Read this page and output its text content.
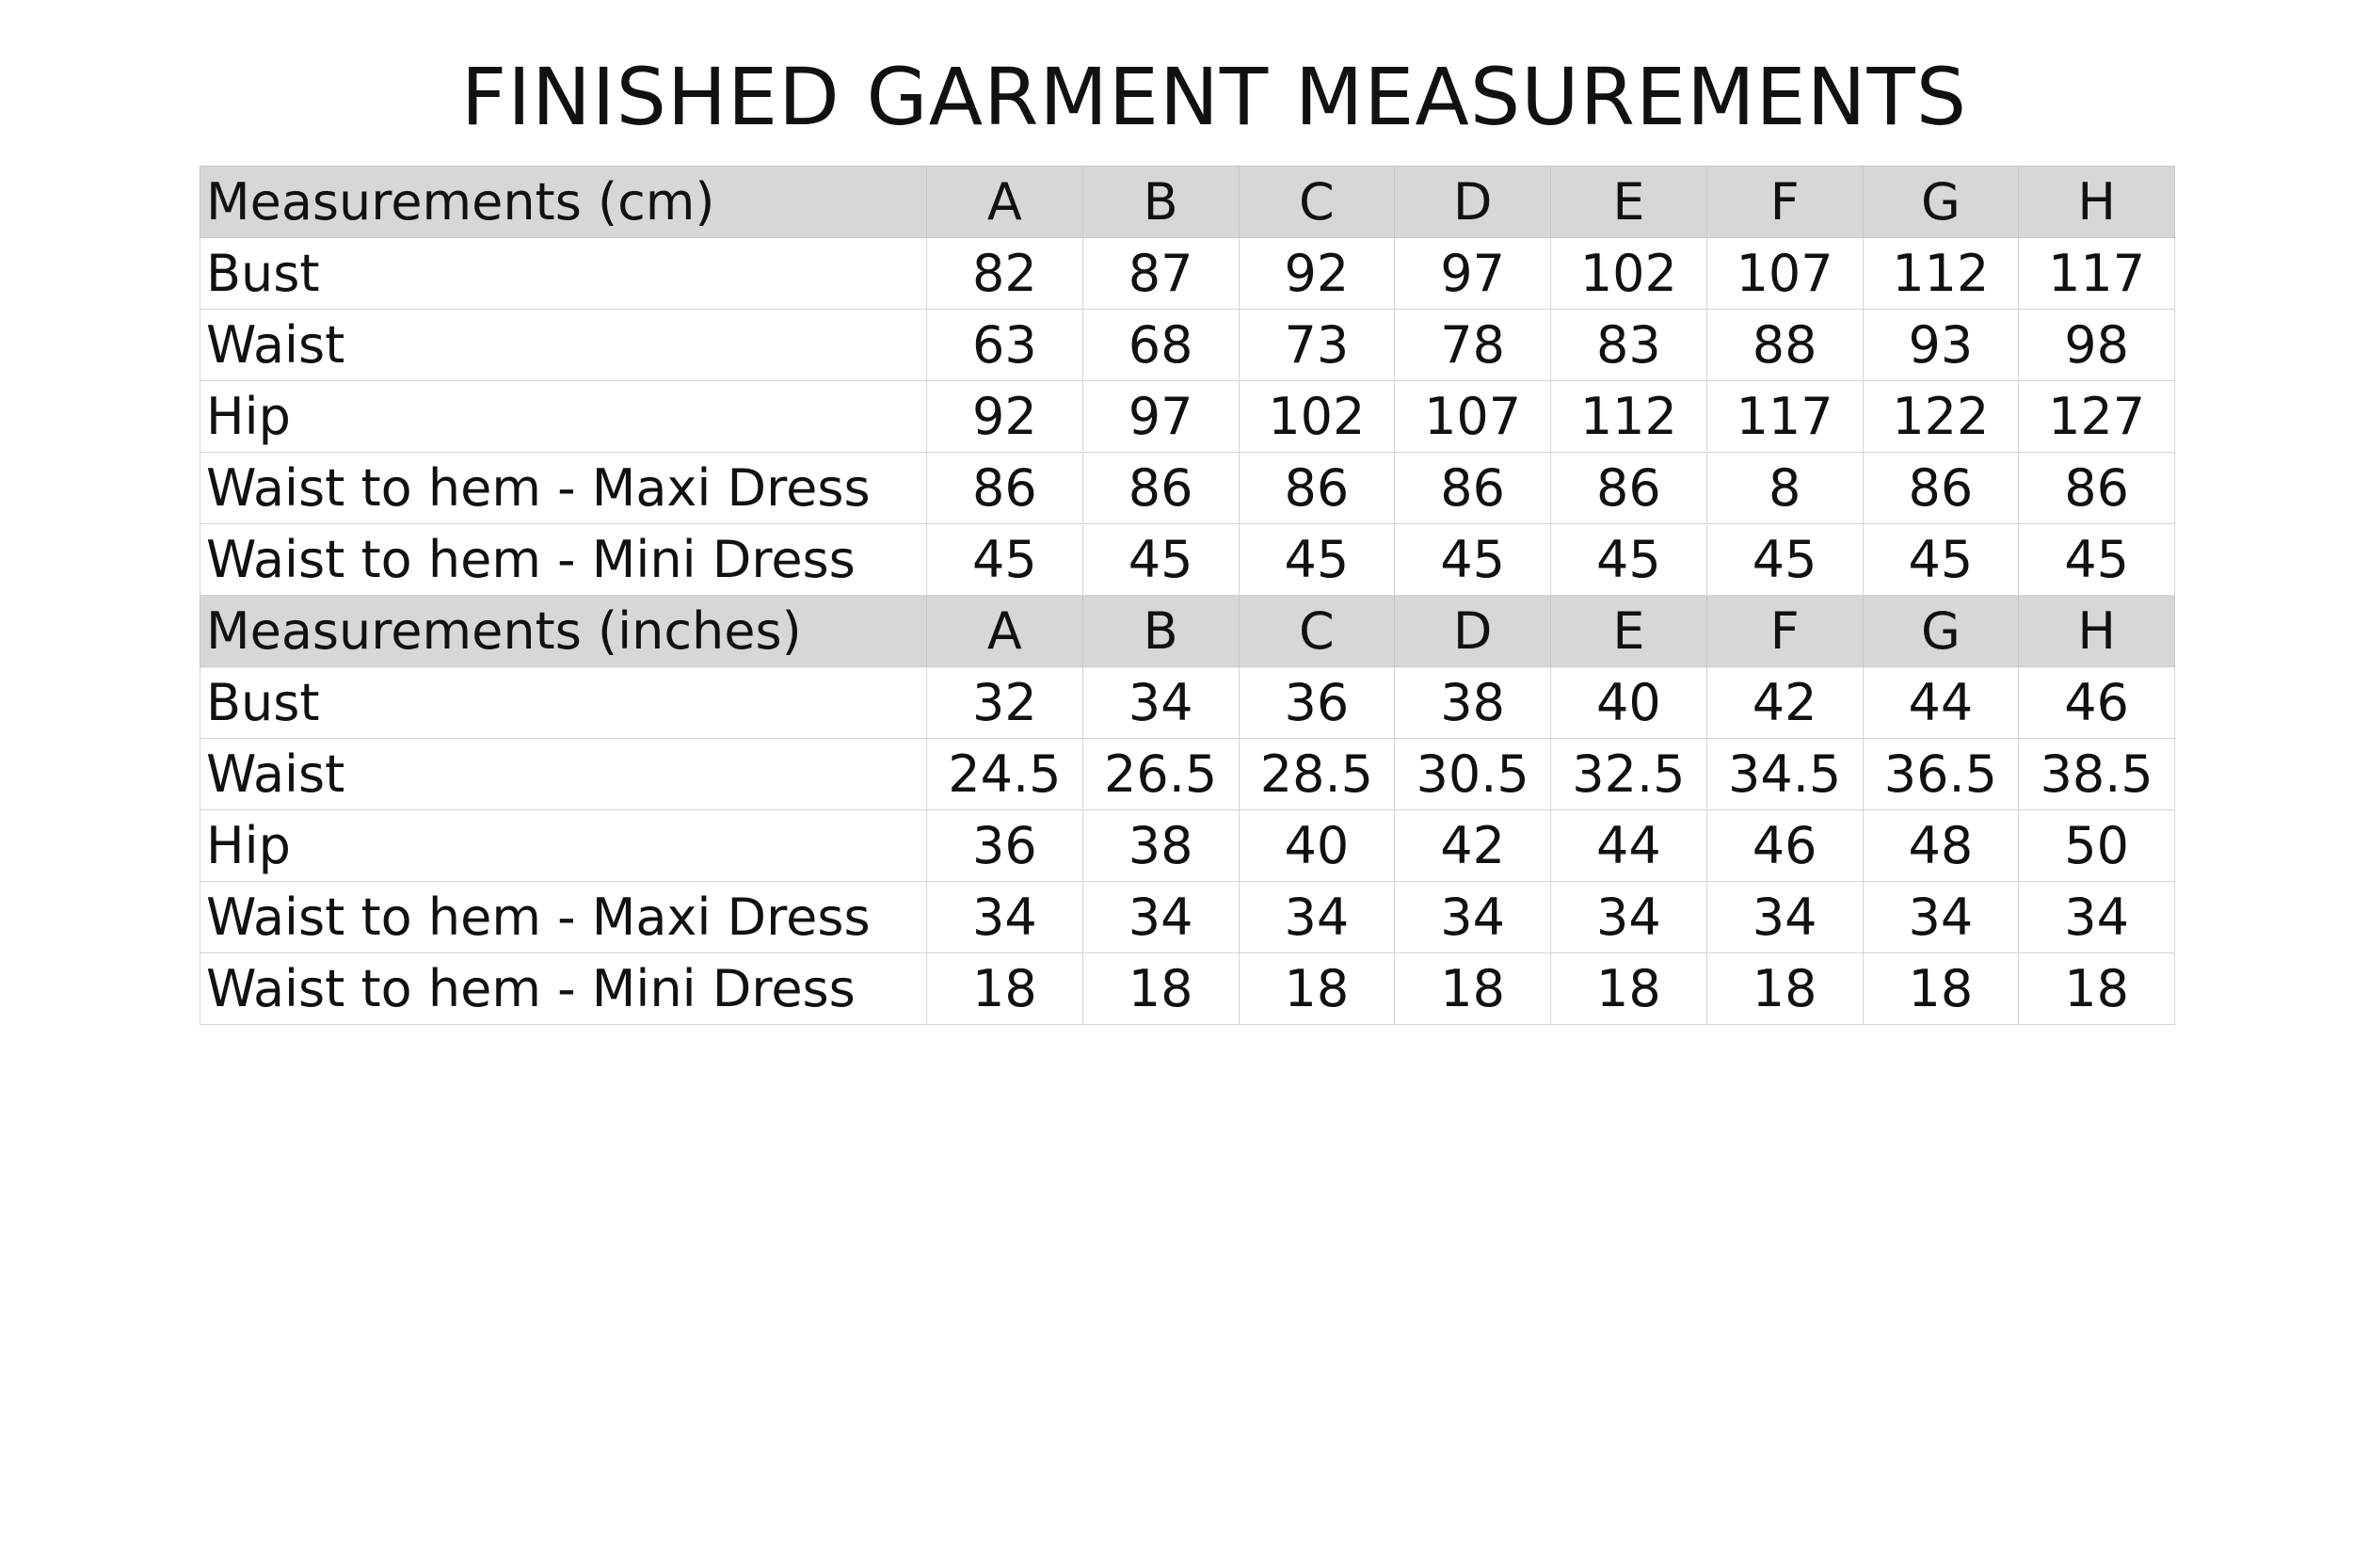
FINISHED GARMENT MEASUREMENTS
Measurements (cm)	A	B	C	D	E	F	G	H
Bust	82	87	92	97	102	107	112	117
Waist	63	68	73	78	83	88	93	98
Hip	92	97	102	107	112	117	122	127
Waist to hem - Maxi Dress	86	86	86	86	86	8	86	86
Waist to hem - Mini Dress	45	45	45	45	45	45	45	45
Measurements (inches)	A	B	C	D	E	F	G	H
Bust	32	34	36	38	40	42	44	46
Waist	24.5	26.5	28.5	30.5	32.5	34.5	36.5	38.5
Hip	36	38	40	42	44	46	48	50
Waist to hem - Maxi Dress	34	34	34	34	34	34	34	34
Waist to hem - Mini Dress	18	18	18	18	18	18	18	18
